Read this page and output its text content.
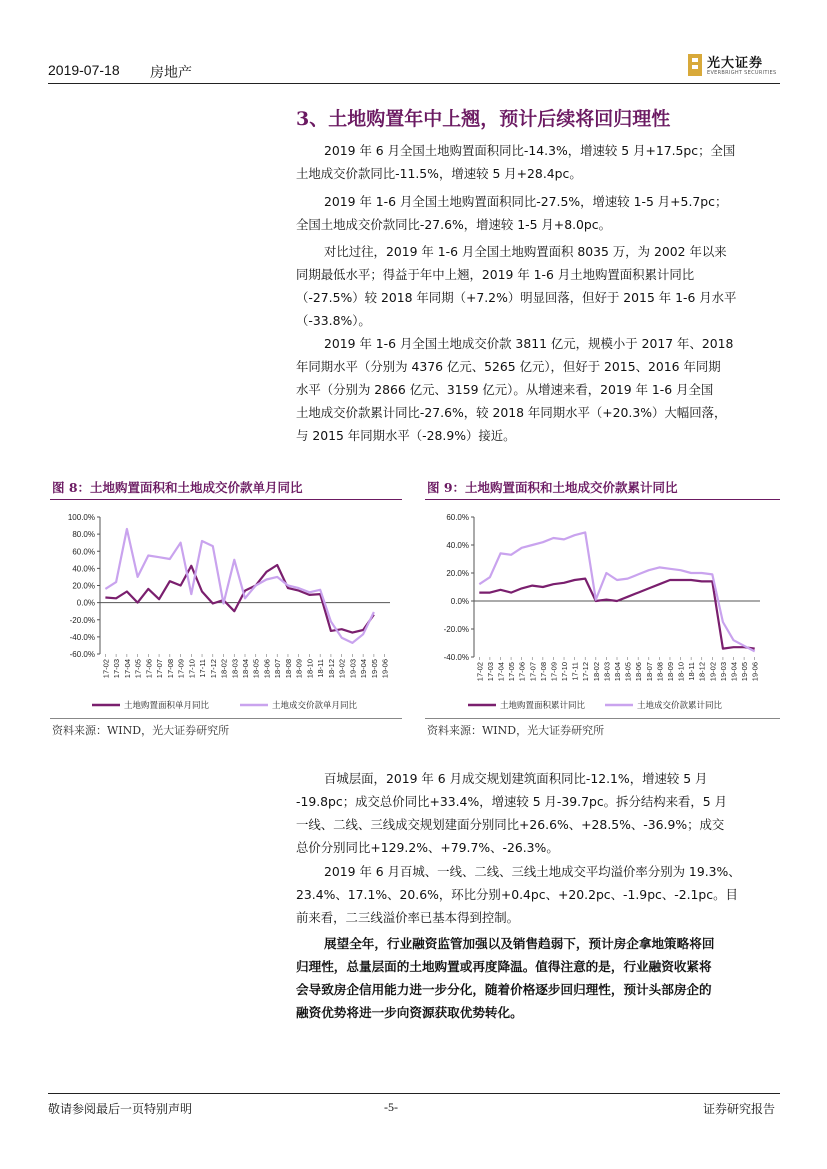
2019-07-18 房地产
光大证券
EVERBRIGHT SECURITIES
3、土地购置年中上翘，预计后续将回归理性
2019 年 6 月全国土地购置面积同比-14.3%，增速较 5 月+17.5pc；全国
土地成交价款同比-11.5%，增速较 5 月+28.4pc。
2019 年 1-6 月全国土地购置面积同比-27.5%，增速较 1-5 月+5.7pc；
全国土地成交价款同比-27.6%，增速较 1-5 月+8.0pc。
对比过往，2019 年 1-6 月全国土地购置面积 8035 万，为 2002 年以来
同期最低水平；得益于年中上翘，2019 年 1-6 月土地购置面积累计同比
（-27.5%）较 2018 年同期（+7.2%）明显回落，但好于 2015 年 1-6 月水平
（-33.8%）。
2019 年 1-6 月全国土地成交价款 3811 亿元，规模小于 2017 年、2018
年同期水平（分别为 4376 亿元、5265 亿元），但好于 2015、2016 年同期
水平（分别为 2866 亿元、3159 亿元）。从增速来看，2019 年 1-6 月全国
土地成交价款累计同比-27.6%，较 2018 年同期水平（+20.3%）大幅回落，
与 2015 年同期水平（-28.9%）接近。
图 8：土地购置面积和土地成交价款单月同比	图 9：土地购置面积和土地成交价款累计同比
100.0%
80.0%
60.0%
40.0%
20.0%
0.0%
-20.0%
-40.0%
-60.0%
17-02 17-03 17-04 17-05 17-06 17-07 17-08 17-09 17-10 17-11 17-12 18-02 18-03 18-04 18-05 18-06 18-07 18-08 18-09 18-10 18-11 18-12 19-02 19-03 19-04 19-05 19-06
土地购置面积单月同比	土地成交价款单月同比
60.0%
40.0%
20.0%
0.0%
-20.0%
-40.0%
17-02 17-03 17-04 17-05 17-06 17-07 17-08 17-09 17-10 17-11 17-12 18-02 18-03 18-04 18-05 18-06 18-07 18-08 18-09 18-10 18-11 18-12 19-02 19-03 19-04 19-05 19-06
土地购置面积累计同比	土地成交价款累计同比
资料来源：WIND，光大证券研究所	资料来源：WIND，光大证券研究所
百城层面，2019 年 6 月成交规划建筑面积同比-12.1%，增速较 5 月
-19.8pc；成交总价同比+33.4%，增速较 5 月-39.7pc。拆分结构来看，5 月
一线、二线、三线成交规划建面分别同比+26.6%、+28.5%、-36.9%；成交
总价分别同比+129.2%、+79.7%、-26.3%。
2019 年 6 月百城、一线、二线、三线土地成交平均溢价率分别为 19.3%、
23.4%、17.1%、20.6%，环比分别+0.4pc、+20.2pc、-1.9pc、-2.1pc。目
前来看，二三线溢价率已基本得到控制。
展望全年，行业融资监管加强以及销售趋弱下，预计房企拿地策略将回
归理性，总量层面的土地购置或再度降温。值得注意的是，行业融资收紧将
会导致房企信用能力进一步分化，随着价格逐步回归理性，预计头部房企的
融资优势将进一步向资源获取优势转化。
敬请参阅最后一页特别声明	-5-	证券研究报告
